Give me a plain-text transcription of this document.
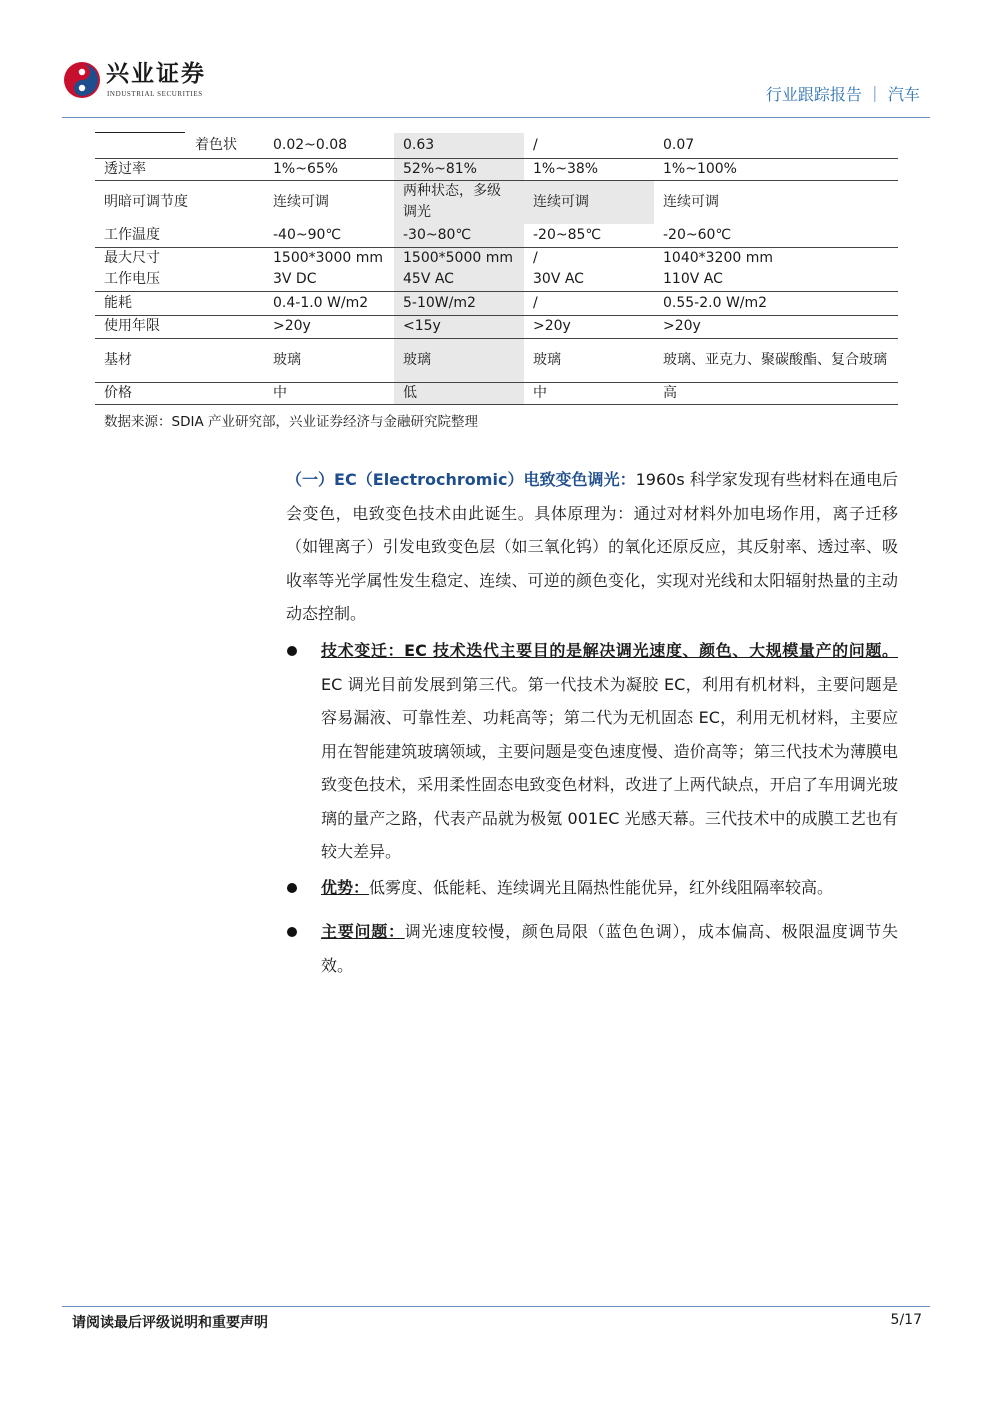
兴业证券
INDUSTRIAL SECURITIES	行业跟踪报告 ｜ 汽车
着色状	0.02~0.08	0.63	/	0.07
透过率	1%~65%	52%~81%	1%~38%	1%~100%
明暗可调节度	连续可调	两种状态，多级调光	连续可调	连续可调
工作温度	-40~90℃	-30~80℃	-20~85℃	-20~60℃
最大尺寸	1500*3000 mm	1500*5000 mm	/	1040*3200 mm
工作电压	3V DC	45V AC	30V AC	110V AC
能耗	0.4-1.0 W/m2	5-10W/m2	/	0.55-2.0 W/m2
使用年限	>20y	<15y	>20y	>20y
基材	玻璃	玻璃	玻璃	玻璃、亚克力、聚碳酸酯、复合玻璃
价格	中	低	中	高
数据来源：SDIA 产业研究部，兴业证券经济与金融研究院整理
（一）EC（Electrochromic）电致变色调光：1960s 科学家发现有些材料在通电后会变色，电致变色技术由此诞生。具体原理为：通过对材料外加电场作用，离子迁移（如锂离子）引发电致变色层（如三氧化钨）的氧化还原反应，其反射率、透过率、吸收率等光学属性发生稳定、连续、可逆的颜色变化，实现对光线和太阳辐射热量的主动动态控制。
技术变迁：EC 技术迭代主要目的是解决调光速度、颜色、大规模量产的问题。EC 调光目前发展到第三代。第一代技术为凝胶 EC，利用有机材料，主要问题是容易漏液、可靠性差、功耗高等；第二代为无机固态 EC，利用无机材料，主要应用在智能建筑玻璃领域，主要问题是变色速度慢、造价高等；第三代技术为薄膜电致变色技术，采用柔性固态电致变色材料，改进了上两代缺点，开启了车用调光玻璃的量产之路，代表产品就为极氪 001EC 光感天幕。三代技术中的成膜工艺也有较大差异。
优势：低雾度、低能耗、连续调光且隔热性能优异，红外线阻隔率较高。
主要问题：调光速度较慢，颜色局限（蓝色色调），成本偏高、极限温度调节失效。
请阅读最后评级说明和重要声明	5/17
